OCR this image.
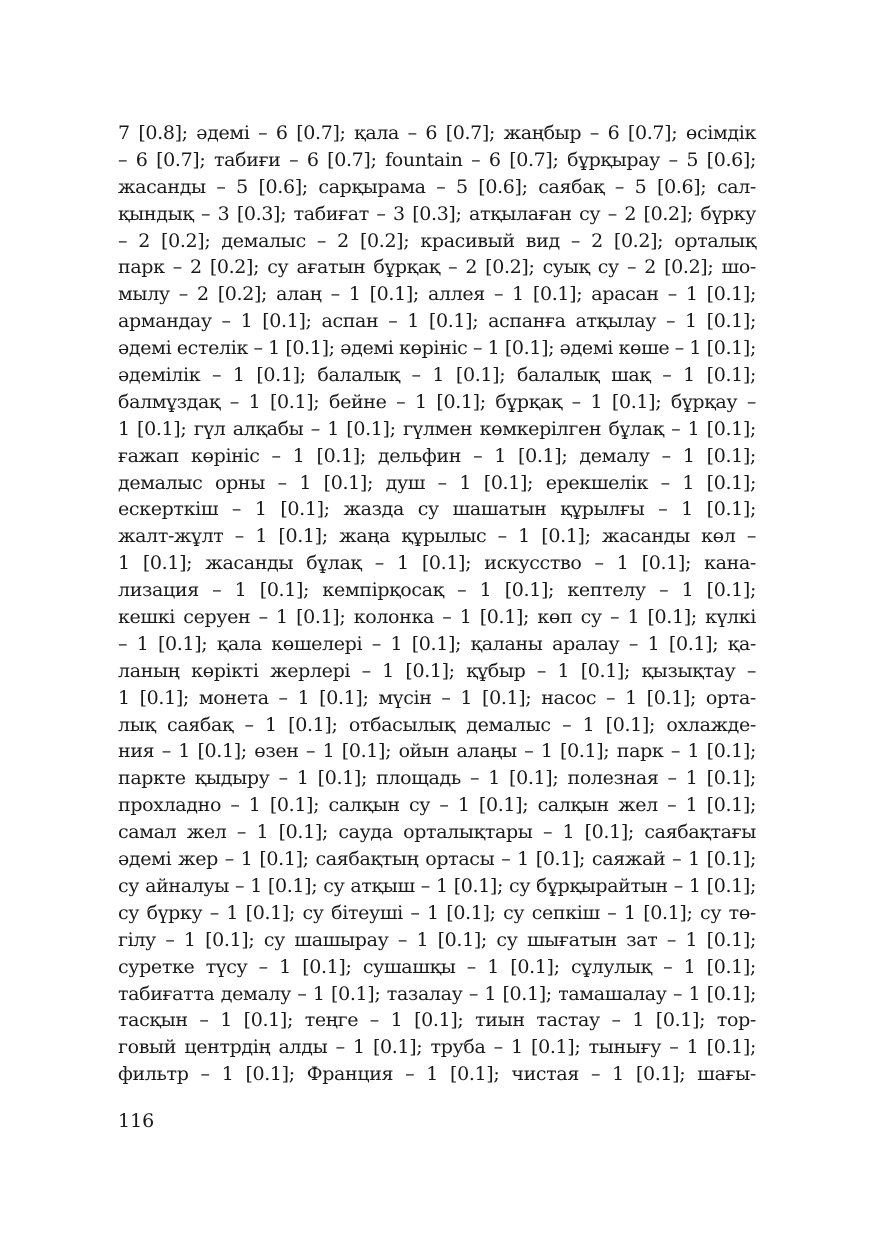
7 [0.8]; әдемі – 6 [0.7]; қала – 6 [0.7]; жаңбыр – 6 [0.7]; өсімдік
– 6 [0.7]; табиғи – 6 [0.7]; fountain – 6 [0.7]; бұрқырау – 5 [0.6];
жасанды – 5 [0.6]; сарқырама – 5 [0.6]; саябақ – 5 [0.6]; сал-
қындық – 3 [0.3]; табиғат – 3 [0.3]; атқылаған су – 2 [0.2]; бүрку
– 2 [0.2]; демалыс – 2 [0.2]; красивый вид – 2 [0.2]; орталық
парк – 2 [0.2]; су ағатын бұрқақ – 2 [0.2]; суық су – 2 [0.2]; шо-
мылу – 2 [0.2]; алаң – 1 [0.1]; аллея – 1 [0.1]; арасан – 1 [0.1];
армандау – 1 [0.1]; аспан – 1 [0.1]; аспанға атқылау – 1 [0.1];
әдемі естелік – 1 [0.1]; әдемі көрініс – 1 [0.1]; әдемі көше – 1 [0.1];
әдемілік – 1 [0.1]; балалық – 1 [0.1]; балалық шақ – 1 [0.1];
балмұздақ – 1 [0.1]; бейне – 1 [0.1]; бұрқақ – 1 [0.1]; бұрқау –
1 [0.1]; гүл алқабы – 1 [0.1]; гүлмен көмкерілген бұлақ – 1 [0.1];
ғажап көрініс – 1 [0.1]; дельфин – 1 [0.1]; демалу – 1 [0.1];
демалыс орны – 1 [0.1]; душ – 1 [0.1]; ерекшелік – 1 [0.1];
ескерткіш – 1 [0.1]; жазда су шашатын құрылғы – 1 [0.1];
жалт-жұлт – 1 [0.1]; жаңа құрылыс – 1 [0.1]; жасанды көл –
1 [0.1]; жасанды бұлақ – 1 [0.1]; искусство – 1 [0.1]; кана-
лизация – 1 [0.1]; кемпірқосақ – 1 [0.1]; кептелу – 1 [0.1];
кешкі серуен – 1 [0.1]; колонка – 1 [0.1]; көп су – 1 [0.1]; күлкі
– 1 [0.1]; қала көшелері – 1 [0.1]; қаланы аралау – 1 [0.1]; қа-
ланың көрікті жерлері – 1 [0.1]; құбыр – 1 [0.1]; қызықтау –
1 [0.1]; монета – 1 [0.1]; мүсін – 1 [0.1]; насос – 1 [0.1]; орта-
лық саябақ – 1 [0.1]; отбасылық демалыс – 1 [0.1]; охлажде-
ния – 1 [0.1]; өзен – 1 [0.1]; ойын алаңы – 1 [0.1]; парк – 1 [0.1];
паркте қыдыру – 1 [0.1]; площадь – 1 [0.1]; полезная – 1 [0.1];
прохладно – 1 [0.1]; салқын су – 1 [0.1]; салқын жел – 1 [0.1];
самал жел – 1 [0.1]; сауда орталықтары – 1 [0.1]; саябақтағы
әдемі жер – 1 [0.1]; саябақтың ортасы – 1 [0.1]; саяжай – 1 [0.1];
су айналуы – 1 [0.1]; су атқыш – 1 [0.1]; су бұрқырайтын – 1 [0.1];
су бүрку – 1 [0.1]; су бітеуші – 1 [0.1]; су сепкіш – 1 [0.1]; су тө-
гілу – 1 [0.1]; су шашырау – 1 [0.1]; су шығатын зат – 1 [0.1];
суретке түсу – 1 [0.1]; сушашқы – 1 [0.1]; сұлулық – 1 [0.1];
табиғатта демалу – 1 [0.1]; тазалау – 1 [0.1]; тамашалау – 1 [0.1];
тасқын – 1 [0.1]; теңге – 1 [0.1]; тиын тастау – 1 [0.1]; тор-
говый центрдің алды – 1 [0.1]; труба – 1 [0.1]; тынығу – 1 [0.1];
фильтр – 1 [0.1]; Франция – 1 [0.1]; чистая – 1 [0.1]; шағы-
116
